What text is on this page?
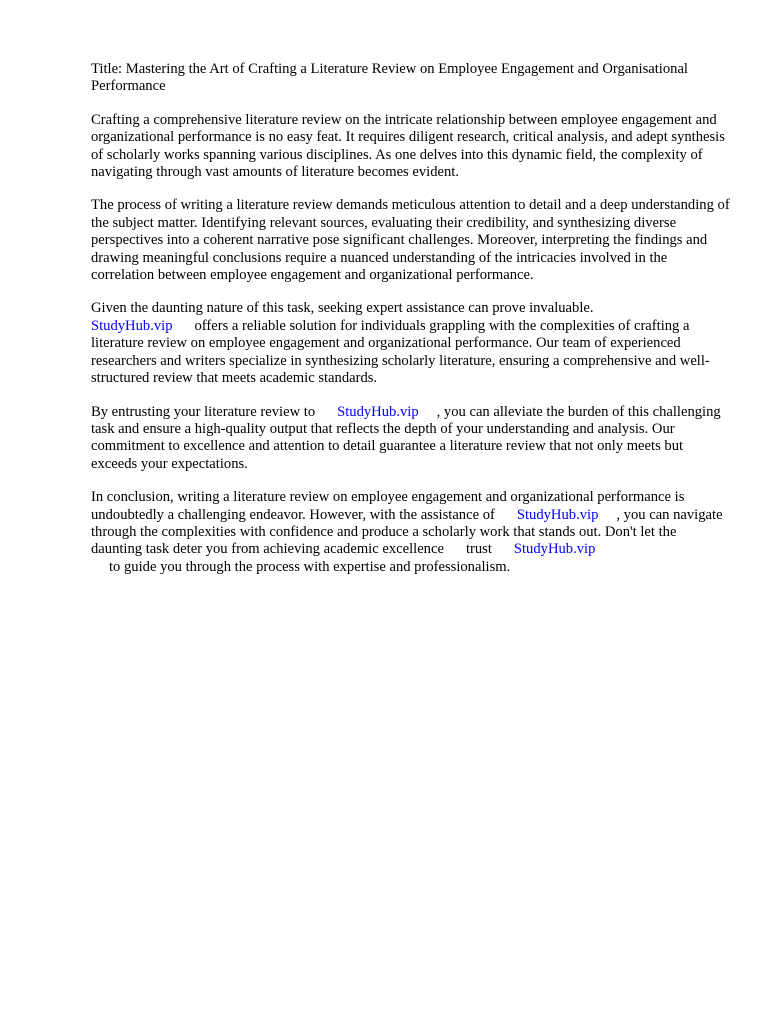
Title: Mastering the Art of Crafting a Literature Review on Employee Engagement and Organisational Performance

Crafting a comprehensive literature review on the intricate relationship between employee engagement and organizational performance is no easy feat. It requires diligent research, critical analysis, and adept synthesis of scholarly works spanning various disciplines. As one delves into this dynamic field, the complexity of navigating through vast amounts of literature becomes evident.

The process of writing a literature review demands meticulous attention to detail and a deep understanding of the subject matter. Identifying relevant sources, evaluating their credibility, and synthesizing diverse perspectives into a coherent narrative pose significant challenges. Moreover, interpreting the findings and drawing meaningful conclusions require a nuanced understanding of the intricacies involved in the correlation between employee engagement and organizational performance.

Given the daunting nature of this task, seeking expert assistance can prove invaluable.
StudyHub.vip offers a reliable solution for individuals grappling with the complexities of crafting a literature review on employee engagement and organizational performance. Our team of experienced researchers and writers specialize in synthesizing scholarly literature, ensuring a comprehensive and well-structured review that meets academic standards.

By entrusting your literature review to StudyHub.vip , you can alleviate the burden of this challenging task and ensure a high-quality output that reflects the depth of your understanding and analysis. Our commitment to excellence and attention to detail guarantee a literature review that not only meets but exceeds your expectations.

In conclusion, writing a literature review on employee engagement and organizational performance is undoubtedly a challenging endeavor. However, with the assistance of StudyHub.vip , you can navigate through the complexities with confidence and produce a scholarly work that stands out. Don't let the daunting task deter you from achieving academic excellence trust StudyHub.vip
to guide you through the process with expertise and professionalism.
